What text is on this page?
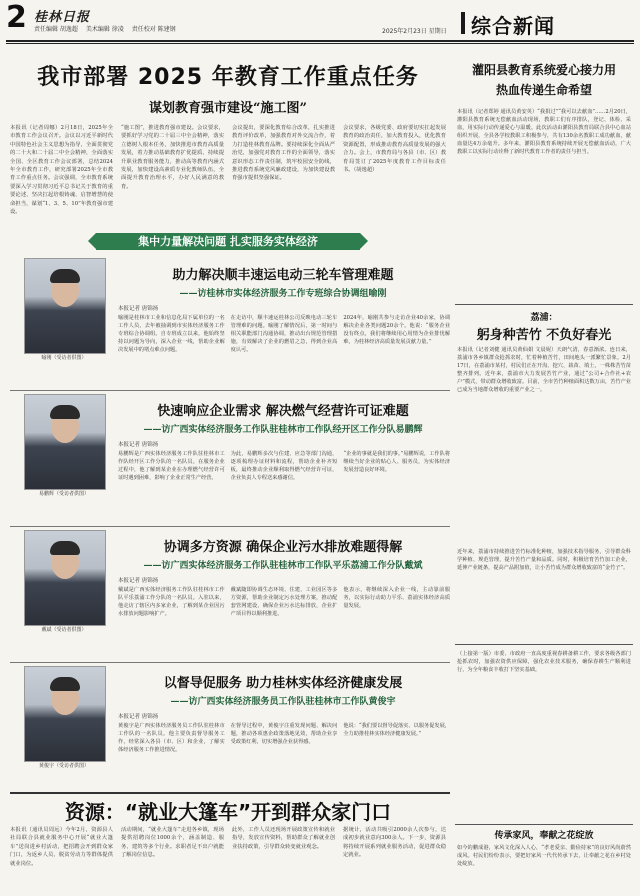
2 桂林日报
责任编辑 胡逸超 美术编辑 徐凌 责任校对 陈建钢	2025年2月23日 星期日 综合新闻
我市部署 2025 年教育工作重点任务
谋划教育强市建设“施工图”
本报讯（记者周娜）2月18日，2025年全市教育工作会议召开。会议以习近平新时代中国特色社会主义思想为指导，全面贯彻党的二十大和二十届二中全会精神，全面落实全国、全区教育工作会议部署，总结2024年全市教育工作，研究部署2025年全市教育工作重点任务。会议强调，全市教育系统要深入学习贯彻习近平总书记关于教育的重要论述，坚决扛起培根铸魂、启智增慧的使命担当，谋划“1、3、5、10”年教育强市建设。
“施工图”，推进教育强市建设。会议要求，要抓好学习党的二十届三中全会精神，落实立德树人根本任务，加快推进市教育高质量发展，着力推动基础教育扩优提质，持续提升职业教育服务能力，推动高等教育内涵式发展，加快建设高素质专业化教师队伍，全面提升教育治理水平，办好人民满意的教育。
会议提出，要深化教育综合改革，扎实推进教育评价改革，加强教育对外交流合作，着力打造桂林教育品牌。要持续深化全面从严治党，加强党对教育工作的全面领导，落实意识形态工作责任制，筑牢校园安全防线，推进教育系统党风廉政建设，为加快建设教育强市提供坚强保证。
会议要求，各级党委、政府要切实扛起发展教育的政治责任，加大教育投入，优化教育资源配置，形成推动教育高质量发展的强大合力。会上，市教育局与各县（市、区）教育局签订了2025年度教育工作目标责任书。（胡逸超）
集中力量解决问题 扎实服务实体经济
喻刚（受访者供图）
助力解决顺丰速运电动三轮车管理难题
——访桂林市实体经济服务工作专班综合协调组喻刚
本报记者 唐锦扬
喻刚是桂林市工业和信息化局下属单位的一名工作人员，去年被抽调到市实体经济服务工作专班综合协调组。自专班成立以来，他始终坚持以问题为导向，深入企业一线，帮助企业解决发展中的堵点难点问题。
在走访中，顺丰速运桂林公司反映电动三轮车管理难的问题。喻刚了解情况后，第一时间与相关职能部门沟通协调，推动出台规范管理措施，有效解决了企业的燃眉之急，得到企业高度认可。
2024年，喻刚共参与走访企业40余家，协调解决企业各类问题20余个。他说：“服务企业没有终点，我们将继续用心用情为企业排忧解难，为桂林经济高质量发展贡献力量。”
易鹏辉（受访者供图）
快速响应企业需求 解决燃气经营许可证难题
——访广西实体经济服务工作队驻桂林市工作队经开区工作分队易鹏辉
本报记者 唐锦扬
易鹏辉是广西实体经济服务工作队驻桂林市工作队经开区工作分队的一名队员。在服务企业过程中，他了解到某企业在办理燃气经营许可证时遇到困难，影响了企业正常生产经营。
为此，易鹏辉多次与住建、应急等部门沟通，逐项梳理办证材料和流程，帮助企业补齐短板，最终推动企业顺利取得燃气经营许可证，企业负责人专程送来感谢信。
“企业的事就是我们的事。”易鹏辉说，工作队将继续当好企业的贴心人、服务员，为实体经济发展营造良好环境。
戴斌（受访者供图）
协调多方资源 确保企业污水排放难题得解
——访广西实体经济服务工作队驻桂林市工作队平乐荔浦工作分队戴斌
本报记者 唐锦扬
戴斌是广西实体经济服务工作队驻桂林市工作队平乐荔浦工作分队的一名队员。入驻以来，他走访了辖区内多家企业，了解到某企业因污水排放问题影响扩产。
戴斌随即协调生态环境、住建、工业园区等多方资源，帮助企业制定污水处理方案，推动配套管网建设，确保企业污水达标排放，企业扩产项目得以顺利推进。
他表示，将继续深入企业一线，主动靠前服务，以实际行动助力平乐、荔浦实体经济高质量发展。
黄俊宇（受访者供图）
以督导促服务 助力桂林实体经济健康发展
——访广西实体经济服务员工作队驻桂林市工作队黄俊宇
本报记者 唐锦扬
黄俊宇是广西实体经济服务员工作队驻桂林市工作队的一名队员。他主要负责督导服务工作，经常深入各县（市、区）和企业，了解实体经济服务工作推进情况。
在督导过程中，黄俊宇注重发现问题、解决问题，推动各项惠企政策落地见效，帮助企业享受政策红利，切实增强企业获得感。
他说：“我们要以督导促落实、以服务促发展，全力助推桂林实体经济健康发展。”
资源：“就业大篷车”开到群众家门口
本报讯（通讯员周远）今年2月，资源县人社局联合县就业服务中心开展“就业大篷车”送岗进乡村活动，把招聘会开到群众家门口，为返乡人员、脱贫劳动力等群体提供就业岗位。
活动期间，“就业大篷车”走进各乡镇，现场提供招聘岗位1000余个，涵盖制造、服务、建筑等多个行业。求职者足不出户就能了解岗位信息。
此外，工作人员还现场开展政策宣传和就业指导，发放宣传资料，帮助群众了解就业创业扶持政策，引导群众转变就业观念。
据统计，活动共吸引2000余人次参与，达成初步就业意向300余人。下一步，资源县将持续开展系列就业服务活动，促进群众稳定就业。
灌阳县教育系统爱心接力用热血传递生命希望
本报讯（记者郑婷 通讯员黄安英）“我捐过”“我可以去献血”……2月20日，灌阳县教育系统无偿献血活动现场，教职工们有序排队，登记、体检、采血，用实际行动传递爱心与温暖。此次活动由灌阳县教育局联合县中心血站组织开展，全县各学校教职工积极参与，共有130余名教职工成功献血，献血量达4万余毫升。多年来，灌阳县教育系统持续开展无偿献血活动，广大教职工以实际行动诠释了新时代教育工作者的责任与担当。
荔浦：
躬身种苦竹 不负好春光
本报讯（记者刘健 通讯员黄仙娟 文晨妮）天朗气清，春意渐浓。连日来，荔浦市各乡镇群众抢抓农时，忙着种植苦竹，田间地头一派繁忙景象。2月17日，在荔浦市某村，村民们正在开沟、挖穴、栽苗、填土，一株株苦竹苗整齐排列。近年来，荔浦市大力发展苦竹产业，通过“公司+合作社+农户”模式，带动群众增收致富。目前，全市苦竹种植面积达数万亩，苦竹产业已成为当地群众增收的重要产业之一。
近年来，荔浦市持续推进苦竹标准化种植，加强技术指导服务，引导群众科学种植、规范管理，提升苦竹产量和品质。同时，积极培育苦竹加工企业，延伸产业链条，提高产品附加值，让小苦竹成为群众增收致富的“金竹子”。
（上接第一版）市委、市政府一直高度重视春耕备耕工作，要求各级各部门抢抓农时，加强农资供应保障，强化农业技术服务，确保春耕生产顺利进行，为全年粮食丰收打下坚实基础。
传承家风，奉献之花绽放
如今的鹏成港，家风文化深入人心，“孝老爱亲、勤俭持家”的良好风尚蔚然成风。村民们纷纷表示，要把好家风一代代传承下去，让奉献之花在乡村处处绽放。
